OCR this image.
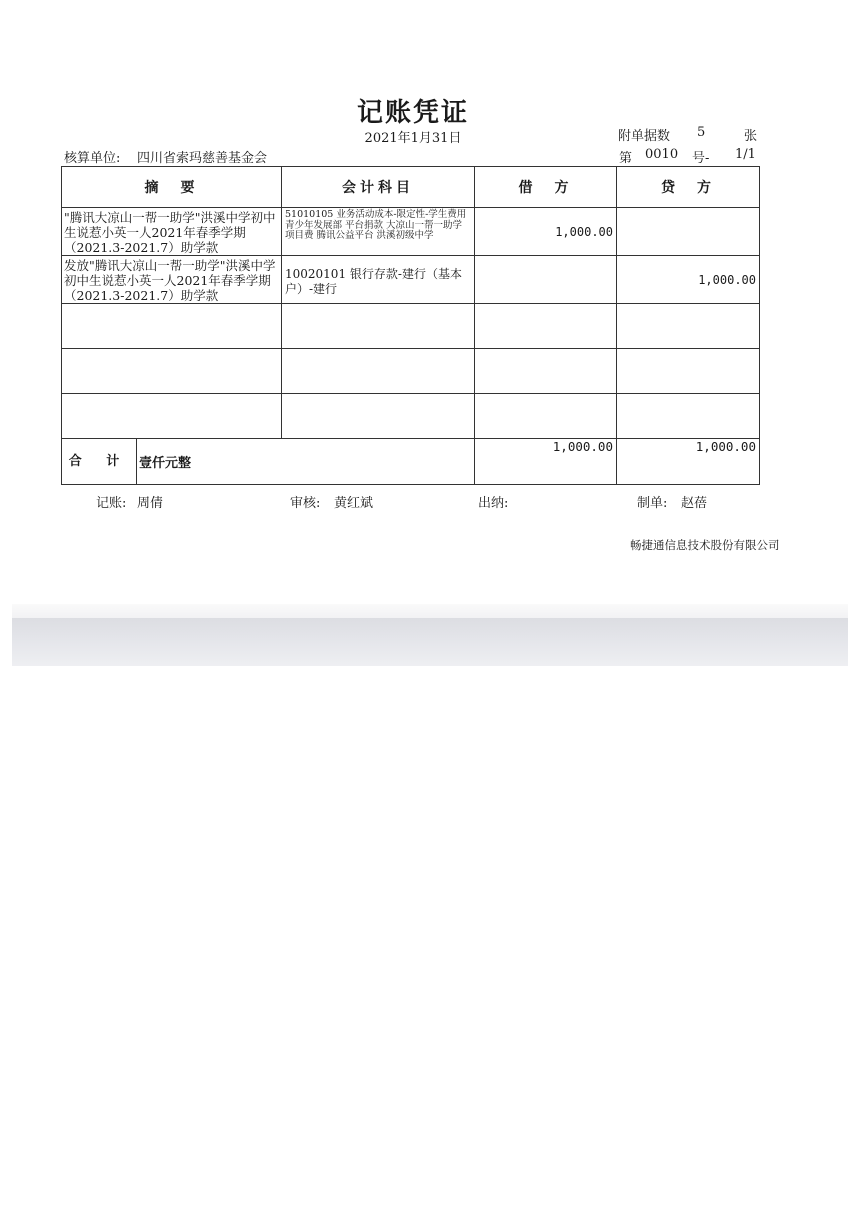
记账凭证
2021年1月31日	附单据数 5	张
核算单位: 四川省索玛慈善基金会	第 0010 号- 1/1
摘　要	会计科目	借　方	贷　方

"腾讯大凉山一帮一助学"洪溪中学初中生说惹小英一人2021年春季学期（2021.3-2021.7）助学款	51010105 业务活动成本-限定性-学生费用 青少年发展部 平台捐款 大凉山一帮一助学 项目费 腾讯公益平台 洪溪初级中学	1,000.00	

发放"腾讯大凉山一帮一助学"洪溪中学初中生说惹小英一人2021年春季学期（2021.3-2021.7）助学款	10020101 银行存款-建行（基本户）-建行		1,000.00

合 计 壹仟元整		1,000.00	1,000.00
记账: 周倩	审核: 黄红斌	出纳:	制单: 赵蓓
畅捷通信息技术股份有限公司
